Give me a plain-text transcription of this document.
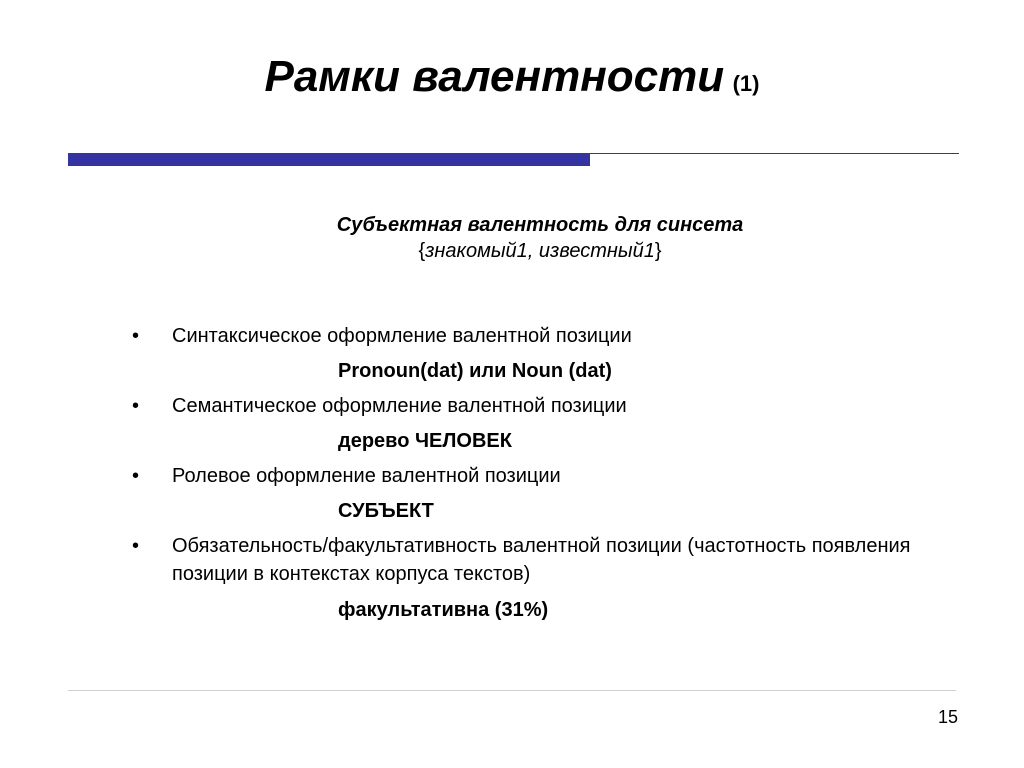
Рамки валентности (1)
Субъектная валентность для синсета
{знакомый1, известный1}
• Синтаксическое оформление валентной позиции
Pronoun(dat) или Noun (dat)
• Семантическое оформление валентной позиции
дерево ЧЕЛОВЕК
• Ролевое оформление валентной позиции
СУБЪЕКТ
• Обязательность/факультативность валентной позиции (частотность появления позиции в контекстах корпуса текстов)
факультативна (31%)
15
